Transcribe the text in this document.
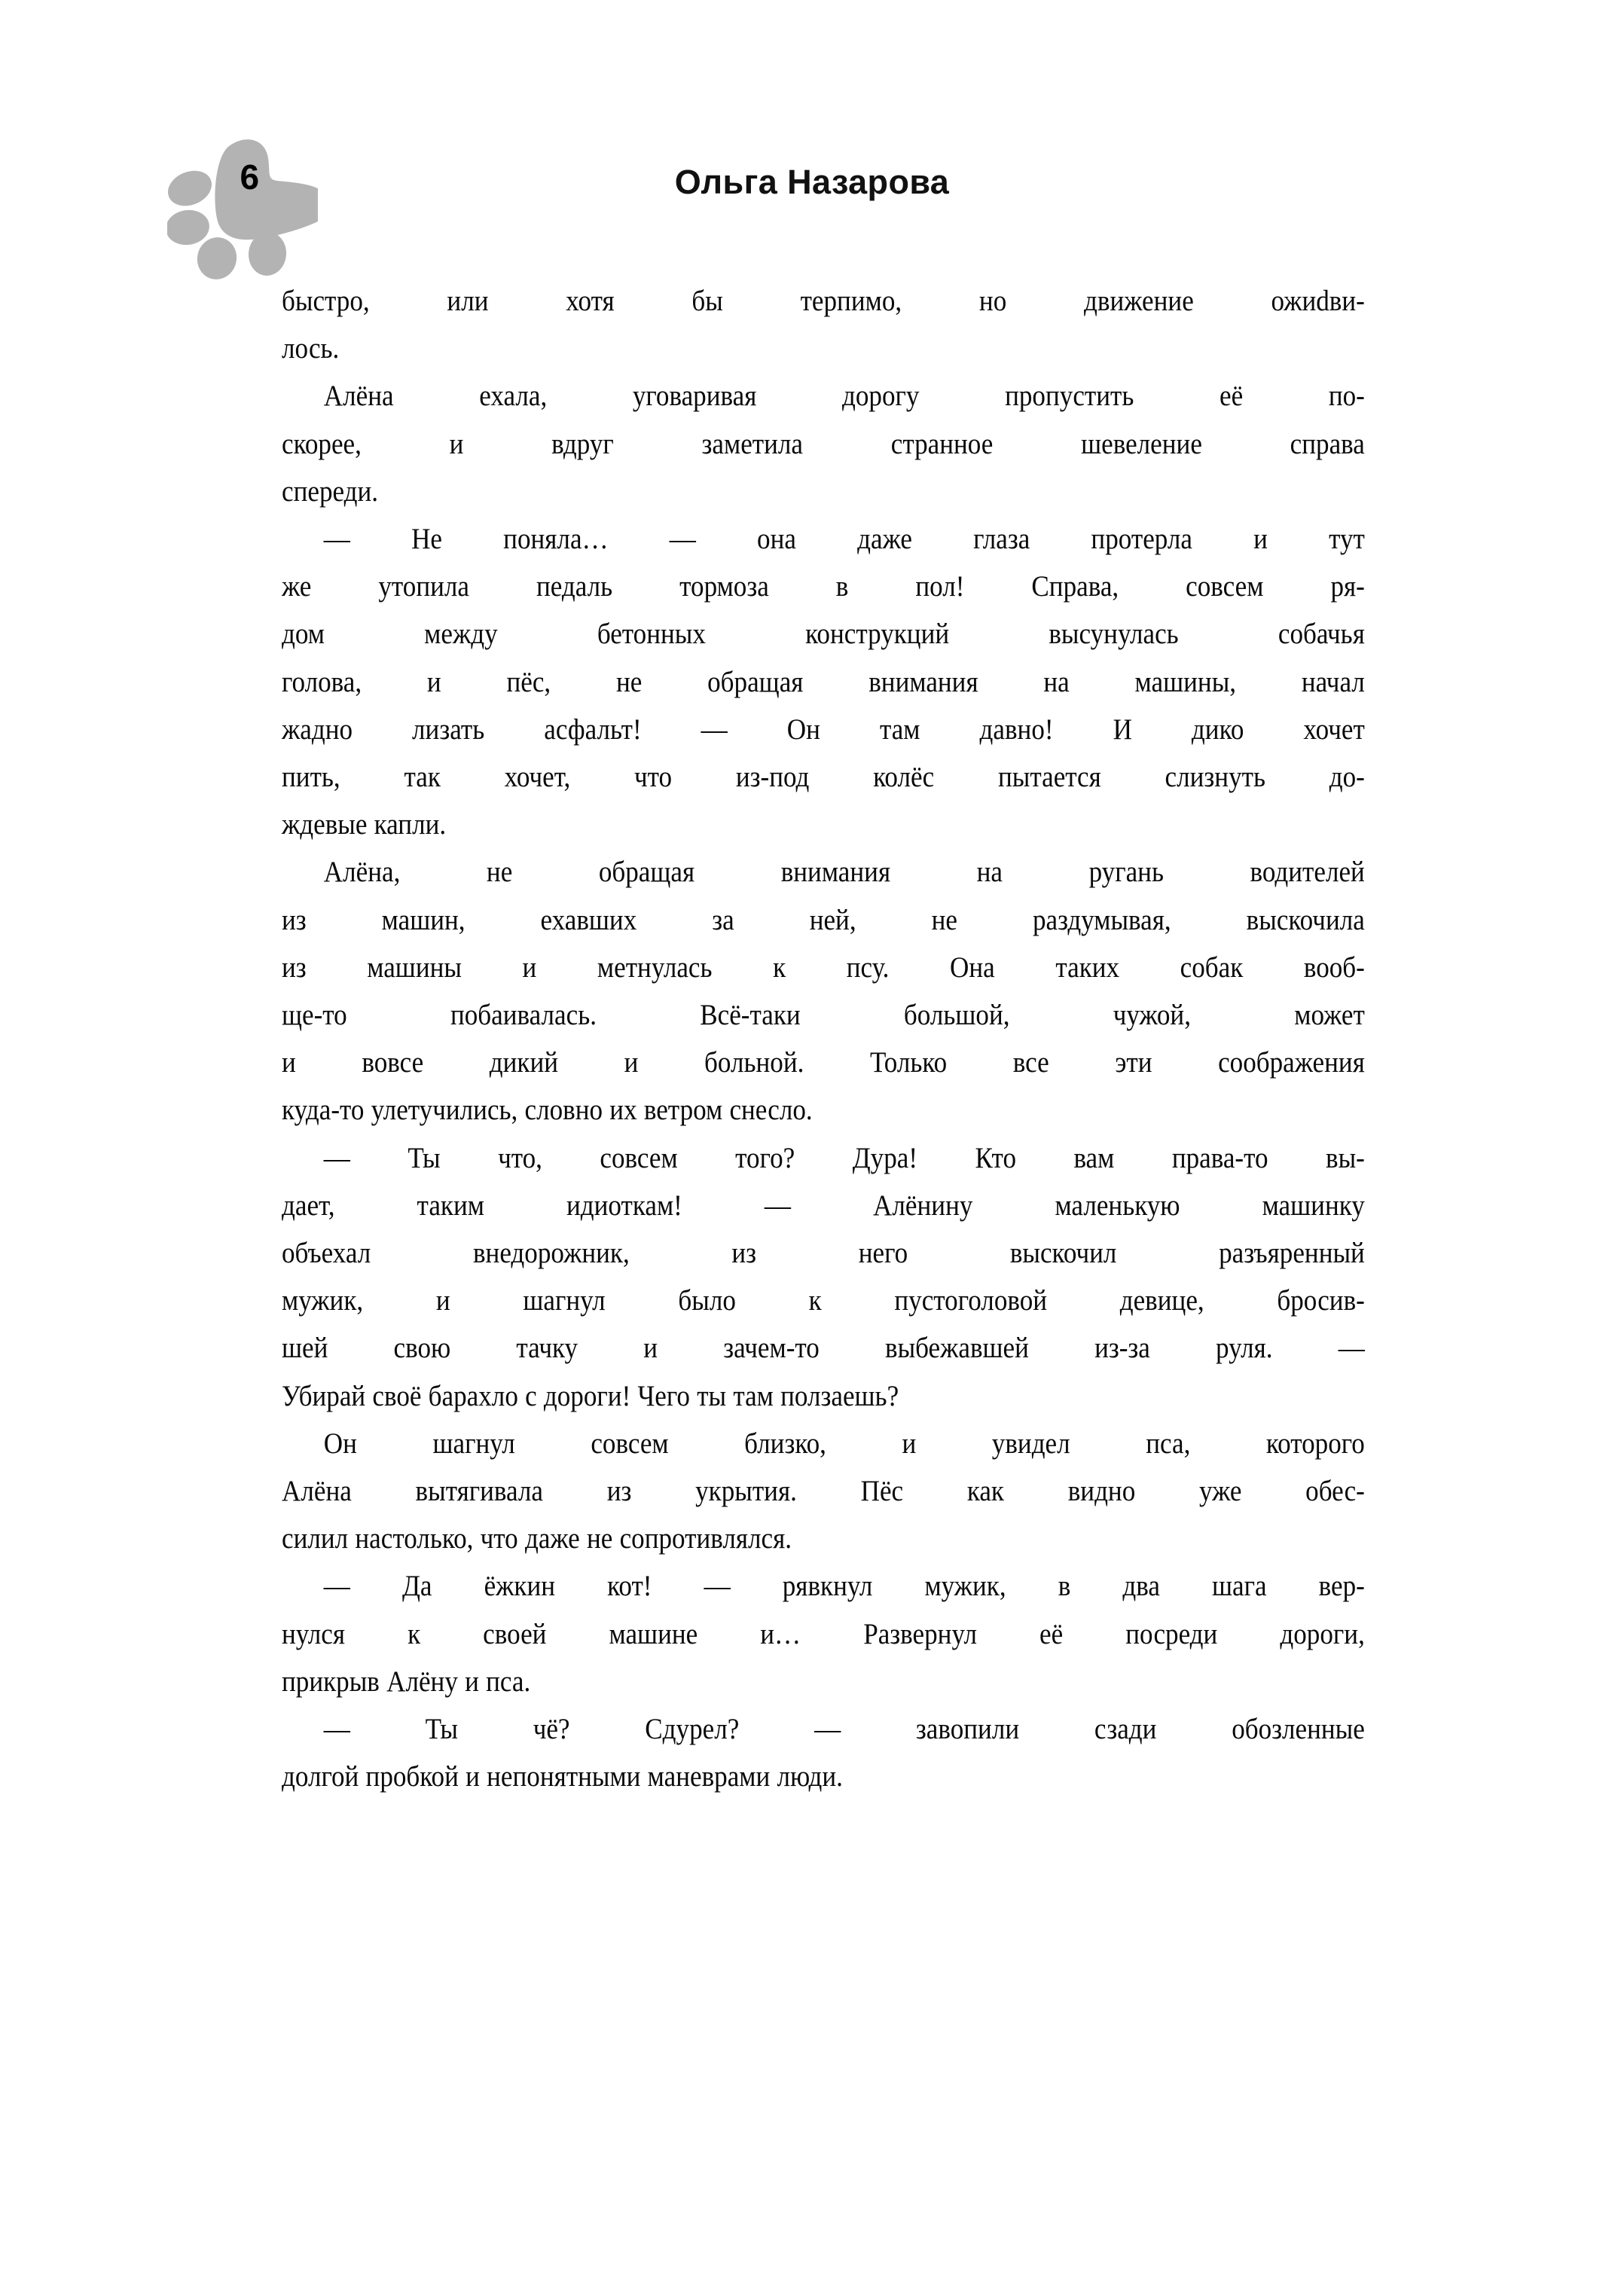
6	Ольга Назарова

быстро, или хотя бы терпимо, но движение ожиdви-
лось.

Алёна ехала, уговаривая дорогу пропустить её по-
скорее, и вдруг заметила странное шевеление справа
спереди.

— Не поняла… — она даже глаза протерла и тут
же утопила педаль тормоза в пол! Справа, совсем ря-
дом между бетонных конструкций высунулась собачья
голова, и пёс, не обращая внимания на машины, начал
жадно лизать асфальт! — Он там давно! И дико хочет
пить, так хочет, что из-под колёс пытается слизнуть до-
ждевые капли.

Алёна, не обращая внимания на ругань водителей
из машин, ехавших за ней, не раздумывая, выскочила
из машины и метнулась к псу. Она таких собак вооб-
ще-то побаивалась. Всё-таки большой, чужой, может
и вовсе дикий и больной. Только все эти соображения
куда-то улетучились, словно их ветром снесло.

— Ты что, совсем того? Дура! Кто вам права-то вы-
дает, таким идиоткам! — Алёнину маленькую машинку
объехал внедорожник, из него выскочил разъяренный
мужик, и шагнул было к пустоголовой девице, бросив-
шей свою тачку и зачем-то выбежавшей из-за руля. —
Убирай своё барахло с дороги! Чего ты там ползаешь?

Он шагнул совсем близко, и увидел пса, которого
Алёна вытягивала из укрытия. Пёс как видно уже обес-
силил настолько, что даже не сопротивлялся.

— Да ёжкин кот! — рявкнул мужик, в два шага вер-
нулся к своей машине и… Развернул её посреди дороги,
прикрыв Алёну и пса.

— Ты чё? Сдурел? — завопили сзади обозленные
долгой пробкой и непонятными маневрами люди.
